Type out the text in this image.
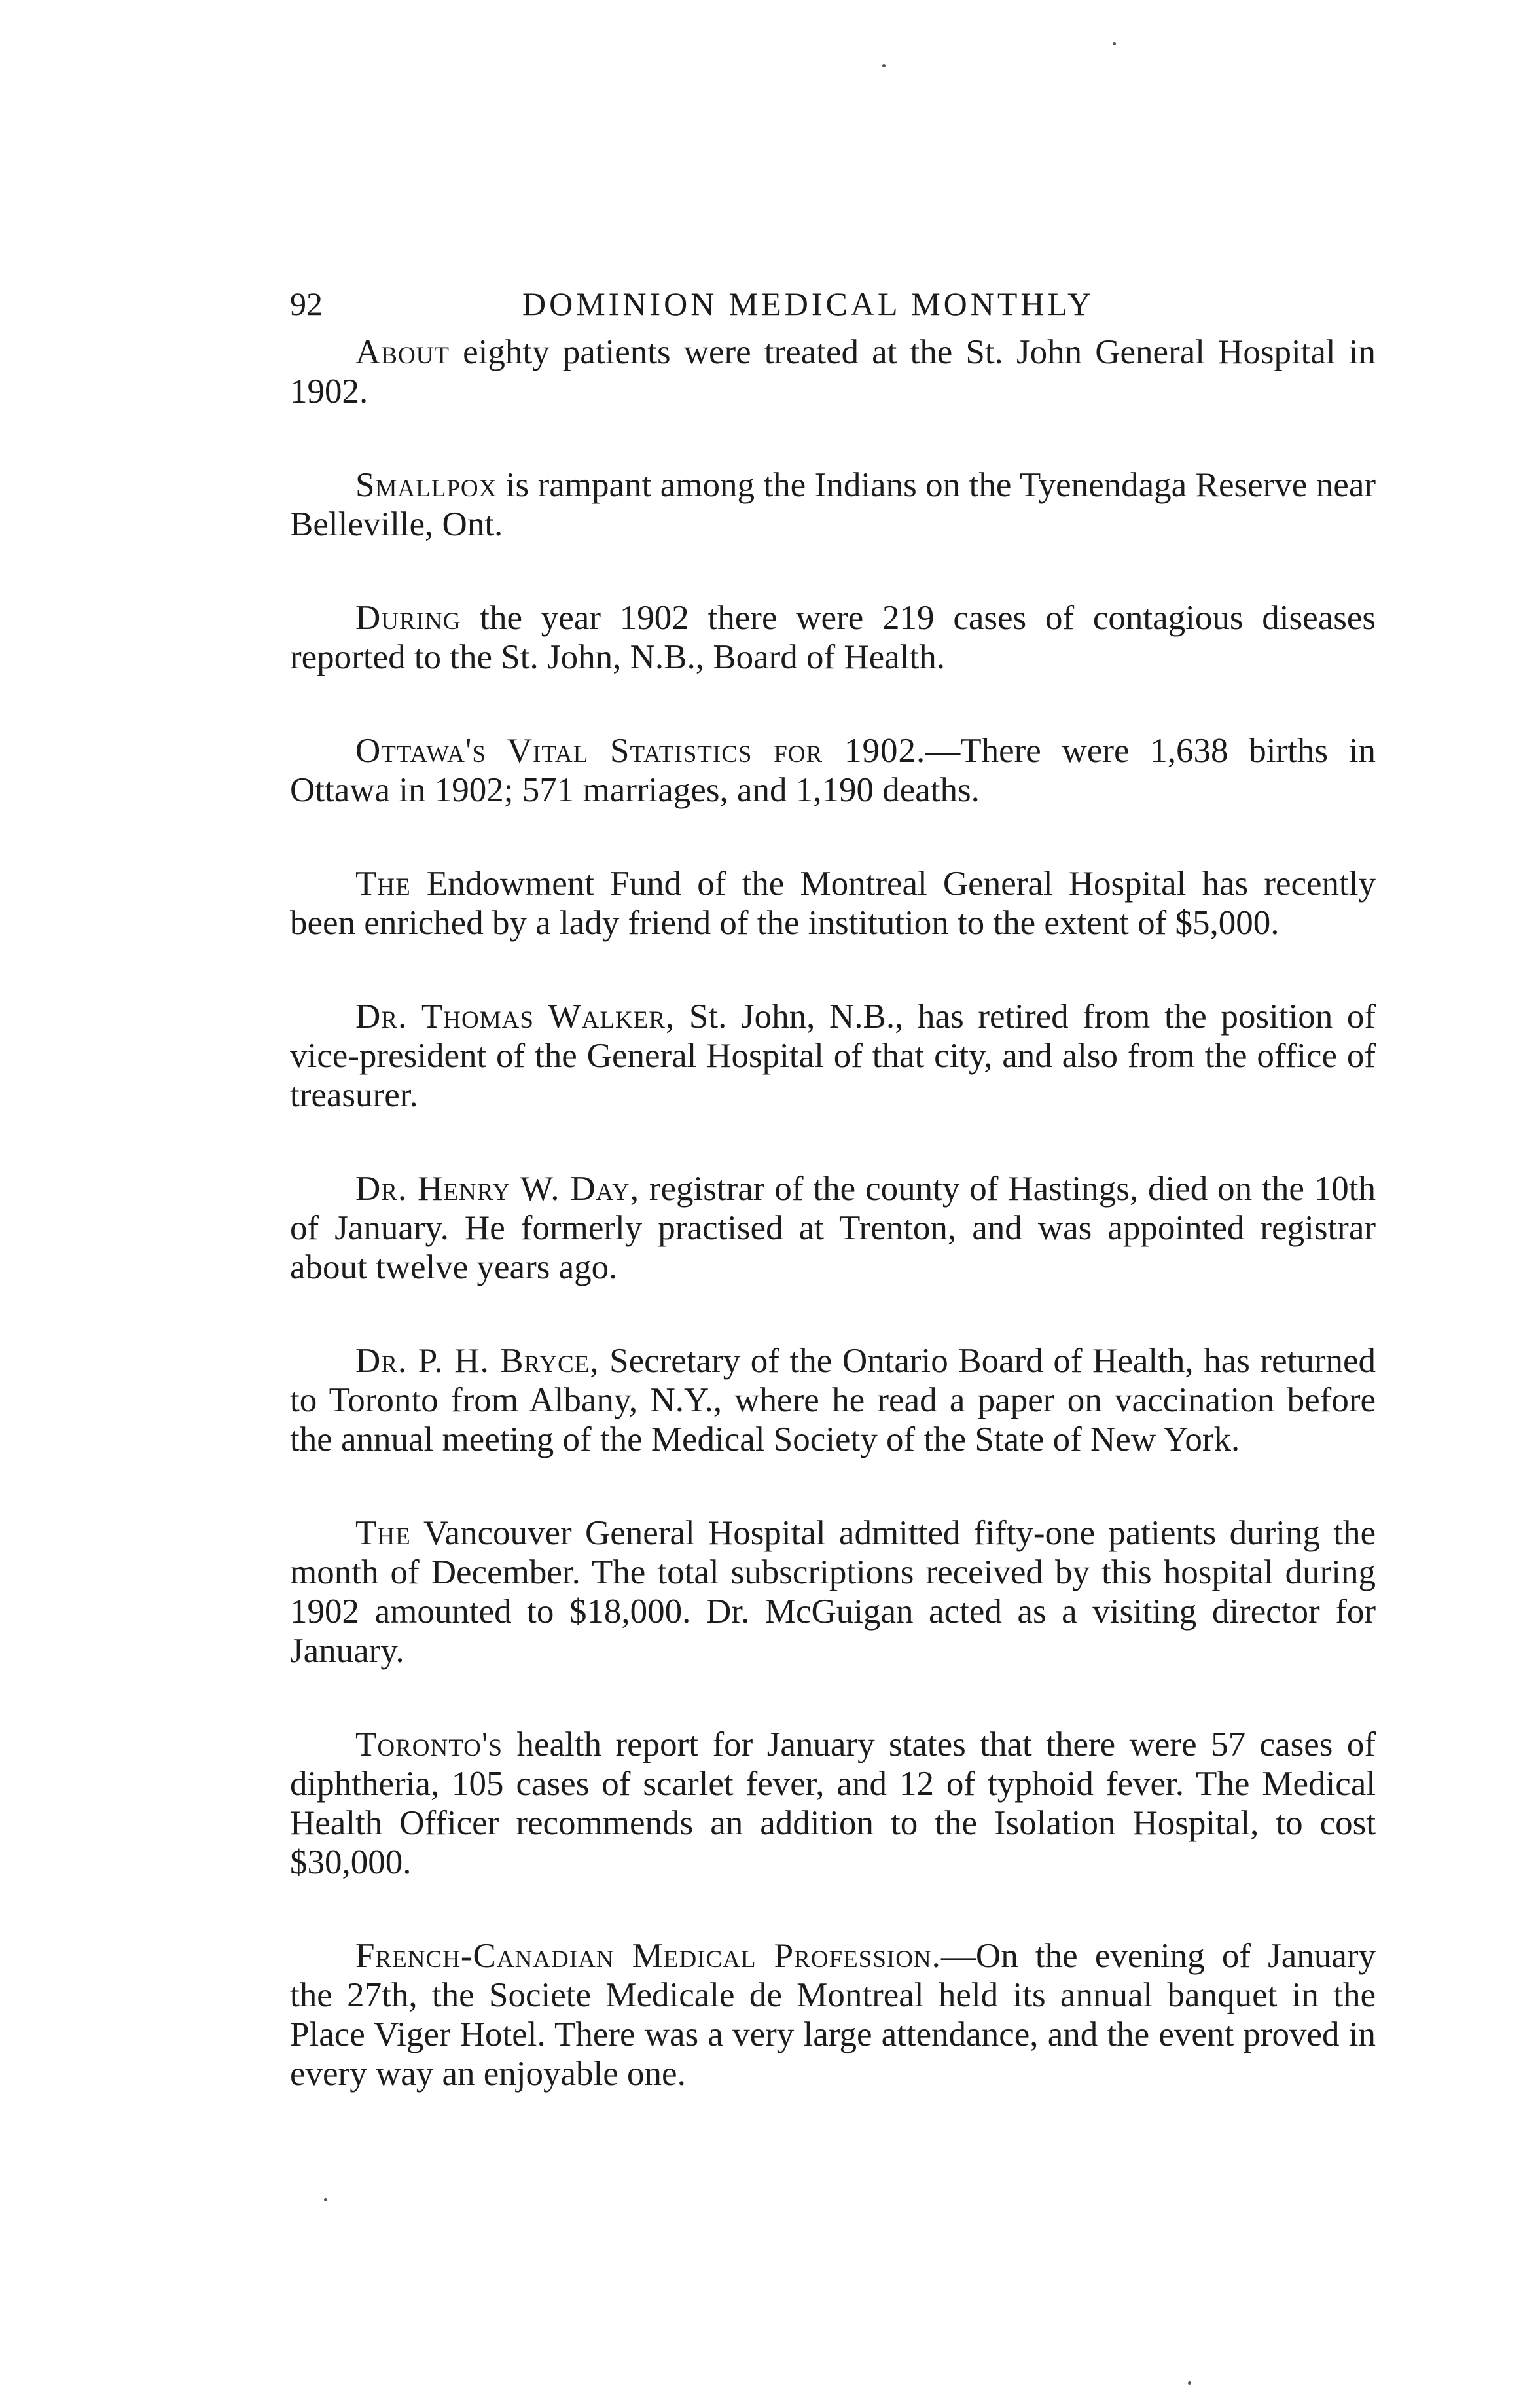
92	DOMINION MEDICAL MONTHLY

About eighty patients were treated at the St. John General Hospital in 1902.

Smallpox is rampant among the Indians on the Tyenendaga Reserve near Belleville, Ont.

During the year 1902 there were 219 cases of contagious diseases reported to the St. John, N.B., Board of Health.

Ottawa's Vital Statistics for 1902.—There were 1,638 births in Ottawa in 1902; 571 marriages, and 1,190 deaths.

The Endowment Fund of the Montreal General Hospital has recently been enriched by a lady friend of the institution to the extent of $5,000.

Dr. Thomas Walker, St. John, N.B., has retired from the position of vice-president of the General Hospital of that city, and also from the office of treasurer.

Dr. Henry W. Day, registrar of the county of Hastings, died on the 10th of January. He formerly practised at Trenton, and was appointed registrar about twelve years ago.

Dr. P. H. Bryce, Secretary of the Ontario Board of Health, has returned to Toronto from Albany, N.Y., where he read a paper on vaccination before the annual meeting of the Medical Society of the State of New York.

The Vancouver General Hospital admitted fifty-one patients during the month of December. The total subscriptions received by this hospital during 1902 amounted to $18,000. Dr. McGuigan acted as a visiting director for January.

Toronto's health report for January states that there were 57 cases of diphtheria, 105 cases of scarlet fever, and 12 of typhoid fever. The Medical Health Officer recommends an addition to the Isolation Hospital, to cost $30,000.

French-Canadian Medical Profession.—On the evening of January the 27th, the Societe Medicale de Montreal held its annual banquet in the Place Viger Hotel. There was a very large attendance, and the event proved in every way an enjoyable one.
